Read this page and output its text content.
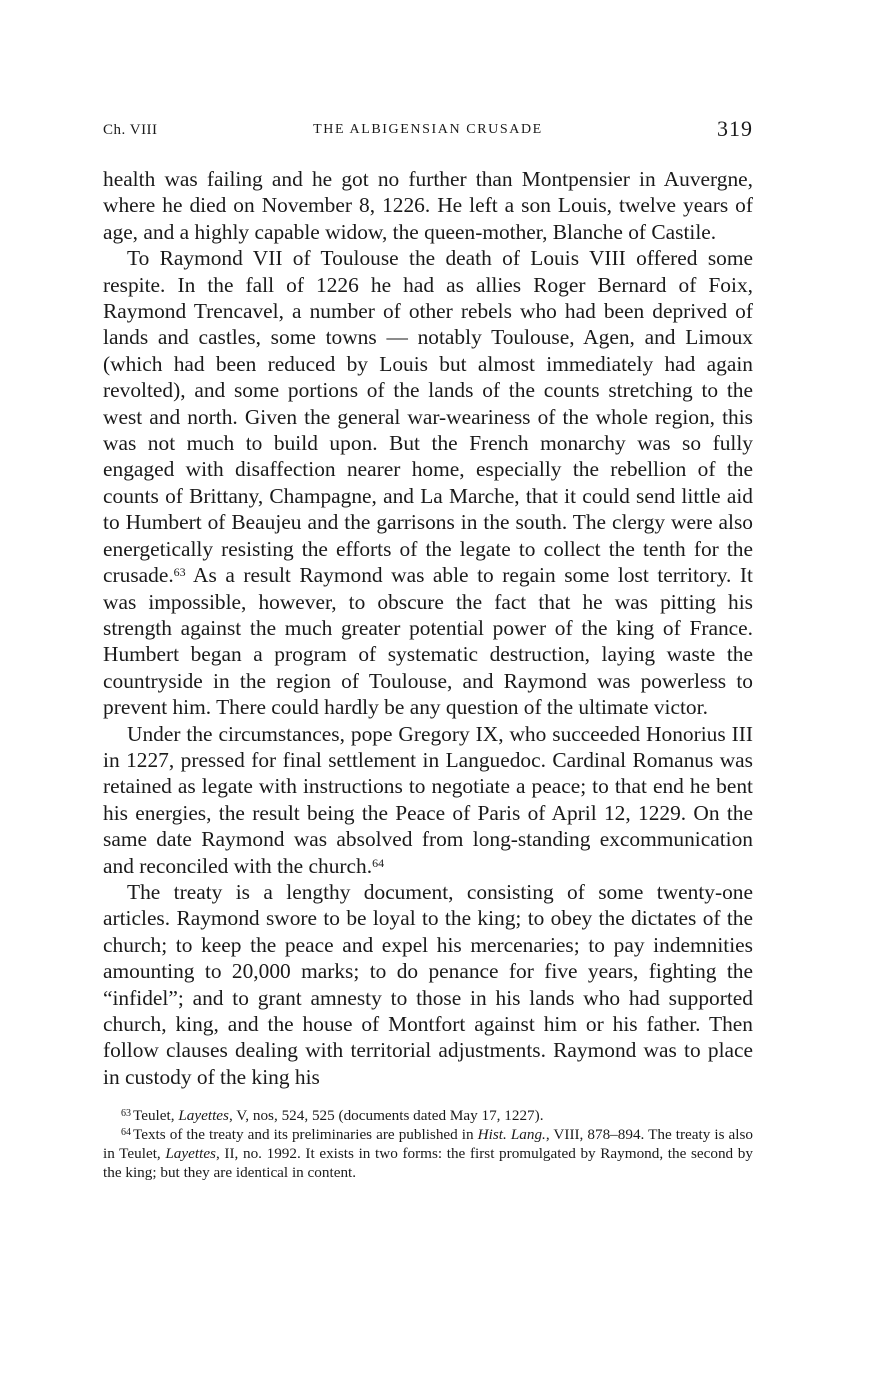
Ch. VIII	THE ALBIGENSIAN CRUSADE	319

health was failing and he got no further than Montpensier in Auvergne, where he died on November 8, 1226. He left a son Louis, twelve years of age, and a highly capable widow, the queen-mother, Blanche of Castile.

To Raymond VII of Toulouse the death of Louis VIII offered some respite. In the fall of 1226 he had as allies Roger Bernard of Foix, Raymond Trencavel, a number of other rebels who had been deprived of lands and castles, some towns — notably Toulouse, Agen, and Limoux (which had been reduced by Louis but almost immediately had again revolted), and some portions of the lands of the counts stretching to the west and north. Given the general war-weariness of the whole region, this was not much to build upon. But the French monarchy was so fully engaged with disaffection nearer home, especially the rebellion of the counts of Brittany, Champagne, and La Marche, that it could send little aid to Humbert of Beaujeu and the garrisons in the south. The clergy were also energetically resisting the efforts of the legate to collect the tenth for the crusade.$^{63}$ As a result Raymond was able to regain some lost territory. It was impossible, however, to obscure the fact that he was pitting his strength against the much greater potential power of the king of France. Humbert began a program of systematic destruction, laying waste the countryside in the region of Toulouse, and Raymond was powerless to prevent him. There could hardly be any question of the ultimate victor.

Under the circumstances, pope Gregory IX, who succeeded Honorius III in 1227, pressed for final settlement in Languedoc. Cardinal Romanus was retained as legate with instructions to negotiate a peace; to that end he bent his energies, the result being the Peace of Paris of April 12, 1229. On the same date Raymond was absolved from long-standing excommunication and reconciled with the church.$^{64}$

The treaty is a lengthy document, consisting of some twenty-one articles. Raymond swore to be loyal to the king; to obey the dictates of the church; to keep the peace and expel his mercenaries; to pay indemnities amounting to 20,000 marks; to do penance for five years, fighting the “infidel”; and to grant amnesty to those in his lands who had supported church, king, and the house of Montfort against him or his father. Then follow clauses dealing with territorial adjustments. Raymond was to place in custody of the king his

$^{63}$ Teulet, Layettes, V, nos, 524, 525 (documents dated May 17, 1227).

$^{64}$ Texts of the treaty and its preliminaries are published in Hist. Lang., VIII, 878–894. The treaty is also in Teulet, Layettes, II, no. 1992. It exists in two forms: the first promulgated by Raymond, the second by the king; but they are identical in content.
